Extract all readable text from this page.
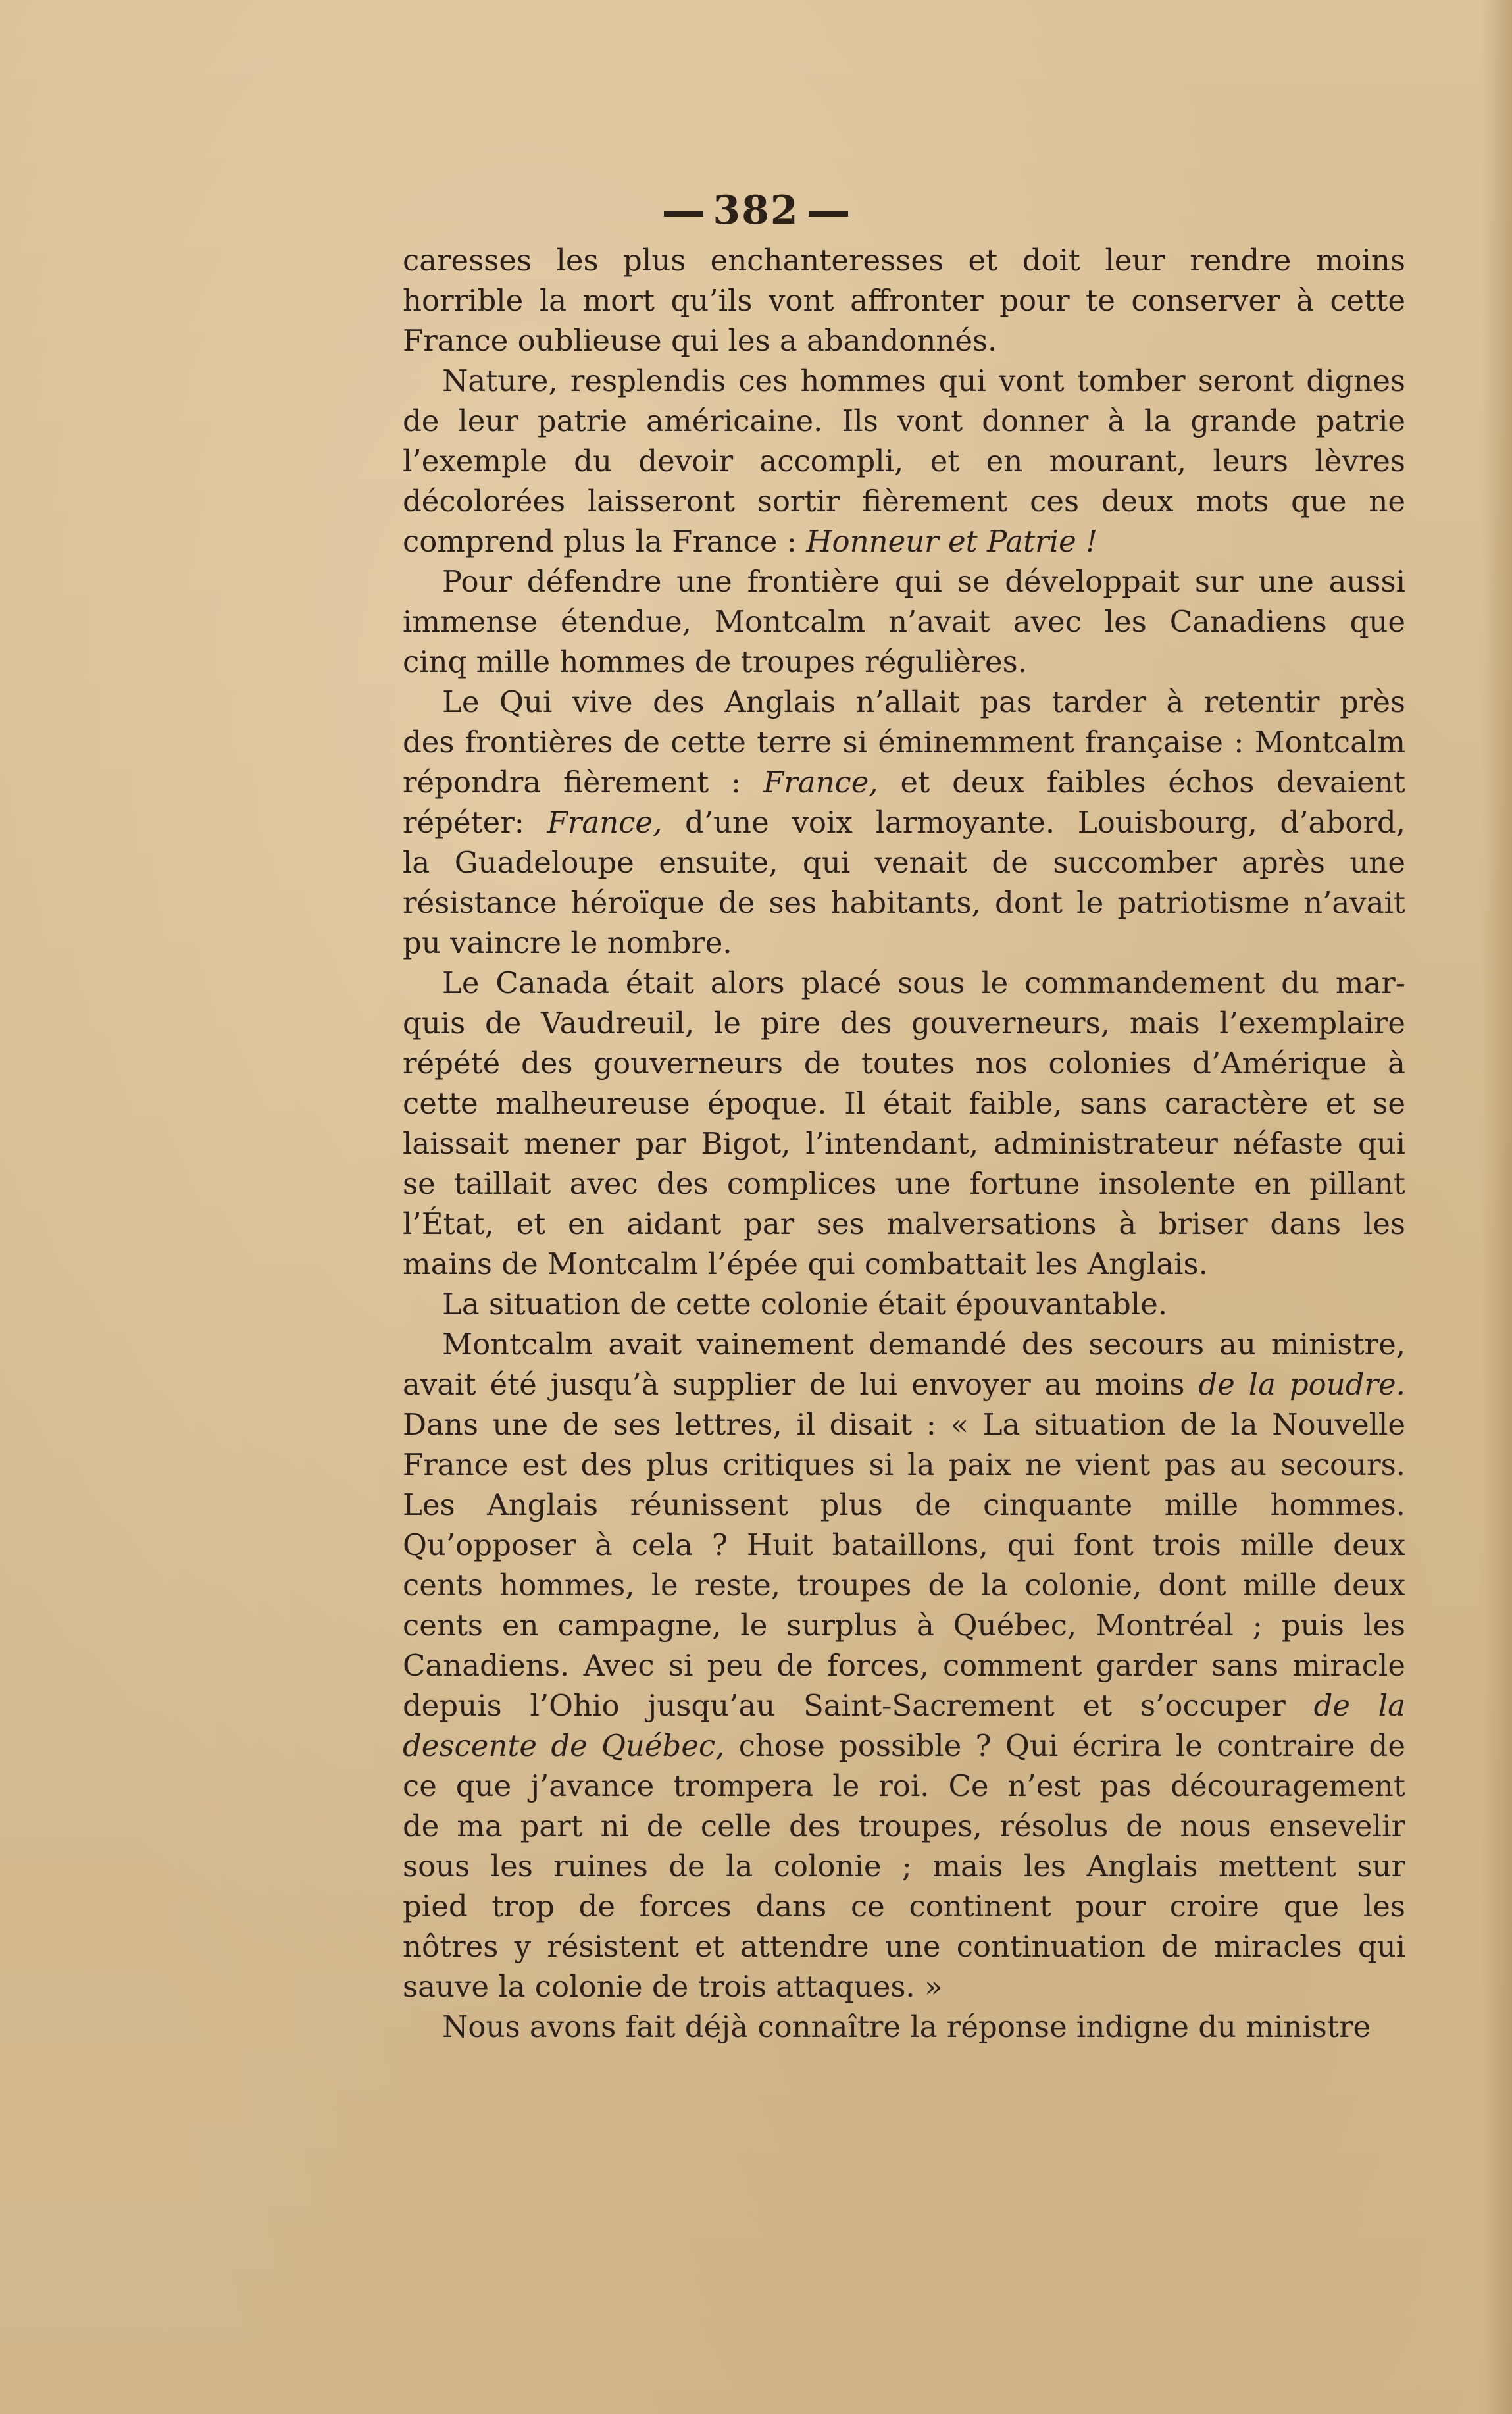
382
caresses les plus enchanteresses et doit leur rendre moins
horrible la mort qu’ils vont affronter pour te conserver à cette
France oublieuse qui les a abandonnés.
Nature, resplendis ces hommes qui vont tomber seront dignes
de leur patrie américaine. Ils vont donner à la grande patrie
l’exemple du devoir accompli, et en mourant, leurs lèvres
décolorées laisseront sortir fièrement ces deux mots que ne
comprend plus la France : Honneur et Patrie !
Pour défendre une frontière qui se développait sur une aussi
immense étendue, Montcalm n’avait avec les Canadiens que
cinq mille hommes de troupes régulières.
Le Qui vive des Anglais n’allait pas tarder à retentir près
des frontières de cette terre si éminemment française : Montcalm
répondra fièrement : France, et deux faibles échos devaient
répéter: France, d’une voix larmoyante. Louisbourg, d’abord,
la Guadeloupe ensuite, qui venait de succomber après une
résistance héroïque de ses habitants, dont le patriotisme n’avait
pu vaincre le nombre.
Le Canada était alors placé sous le commandement du mar-
quis de Vaudreuil, le pire des gouverneurs, mais l’exemplaire
répété des gouverneurs de toutes nos colonies d’Amérique à
cette malheureuse époque. Il était faible, sans caractère et se
laissait mener par Bigot, l’intendant, administrateur néfaste qui
se taillait avec des complices une fortune insolente en pillant
l’État, et en aidant par ses malversations à briser dans les
mains de Montcalm l’épée qui combattait les Anglais.
La situation de cette colonie était épouvantable.
Montcalm avait vainement demandé des secours au ministre,
avait été jusqu’à supplier de lui envoyer au moins de la poudre.
Dans une de ses lettres, il disait : « La situation de la Nouvelle
France est des plus critiques si la paix ne vient pas au secours.
Les Anglais réunissent plus de cinquante mille hommes.
Qu’opposer à cela ? Huit bataillons, qui font trois mille deux
cents hommes, le reste, troupes de la colonie, dont mille deux
cents en campagne, le surplus à Québec, Montréal ; puis les
Canadiens. Avec si peu de forces, comment garder sans miracle
depuis l’Ohio jusqu’au Saint-Sacrement et s’occuper de la
descente de Québec, chose possible ? Qui écrira le contraire de
ce que j’avance trompera le roi. Ce n’est pas découragement
de ma part ni de celle des troupes, résolus de nous ensevelir
sous les ruines de la colonie ; mais les Anglais mettent sur
pied trop de forces dans ce continent pour croire que les
nôtres y résistent et attendre une continuation de miracles qui
sauve la colonie de trois attaques. »
Nous avons fait déjà connaître la réponse indigne du ministre
